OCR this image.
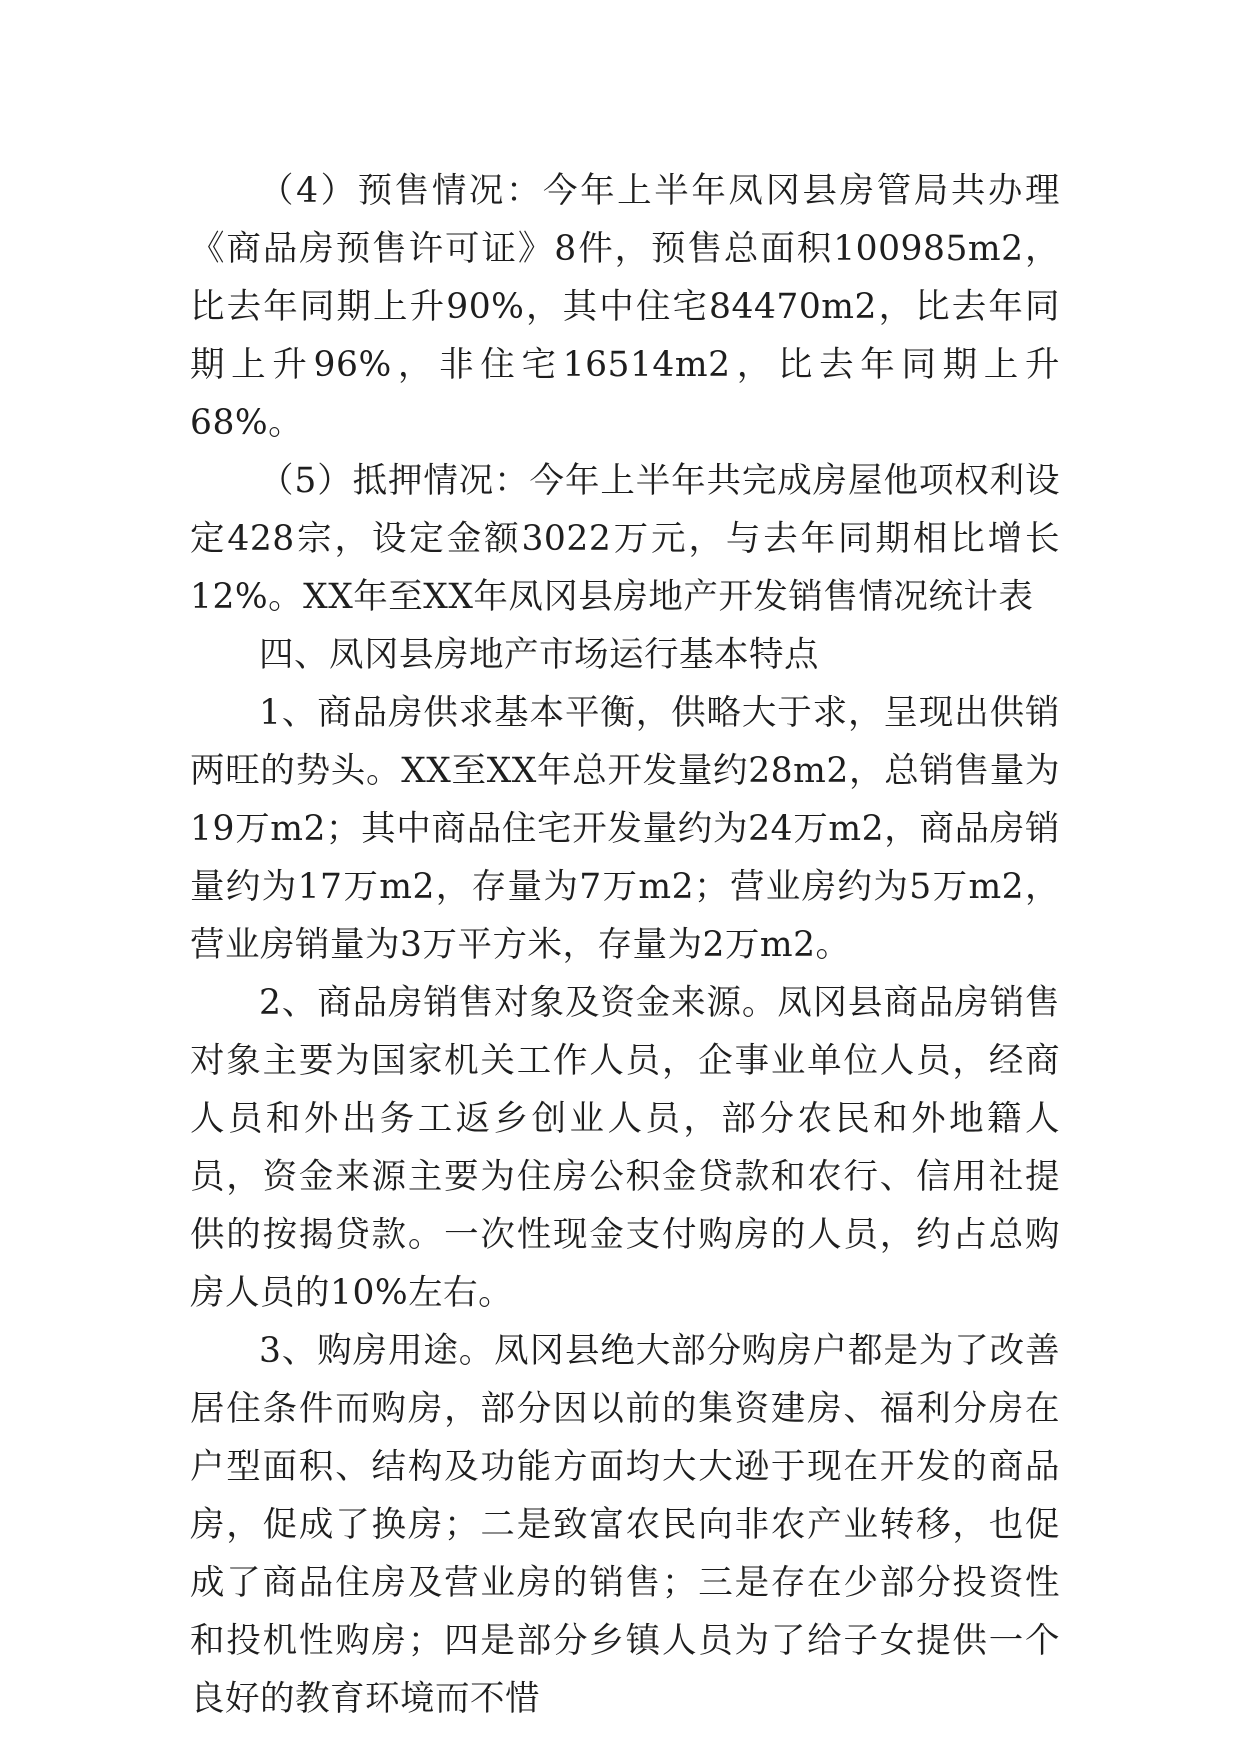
（4）预售情况：今年上半年凤冈县房管局共办理《商品房预售许可证》8件，预售总面积100985m2，比去年同期上升90%，其中住宅84470m2，比去年同期上升96%，非住宅16514m2，比去年同期上升68%。

（5）抵押情况：今年上半年共完成房屋他项权利设定428宗，设定金额3022万元，与去年同期相比增长12%。XX年至XX年凤冈县房地产开发销售情况统计表

四、凤冈县房地产市场运行基本特点

1、商品房供求基本平衡，供略大于求，呈现出供销两旺的势头。XX至XX年总开发量约28m2，总销售量为19万m2；其中商品住宅开发量约为24万m2，商品房销量约为17万m2，存量为7万m2；营业房约为5万m2，营业房销量为3万平方米，存量为2万m2。

2、商品房销售对象及资金来源。凤冈县商品房销售对象主要为国家机关工作人员，企事业单位人员，经商人员和外出务工返乡创业人员，部分农民和外地籍人员，资金来源主要为住房公积金贷款和农行、信用社提供的按揭贷款。一次性现金支付购房的人员，约占总购房人员的10%左右。

3、购房用途。凤冈县绝大部分购房户都是为了改善居住条件而购房，部分因以前的集资建房、福利分房在户型面积、结构及功能方面均大大逊于现在开发的商品房，促成了换房；二是致富农民向非农产业转移，也促成了商品住房及营业房的销售；三是存在少部分投资性和投机性购房；四是部分乡镇人员为了给子女提供一个良好的教育环境而不惜
